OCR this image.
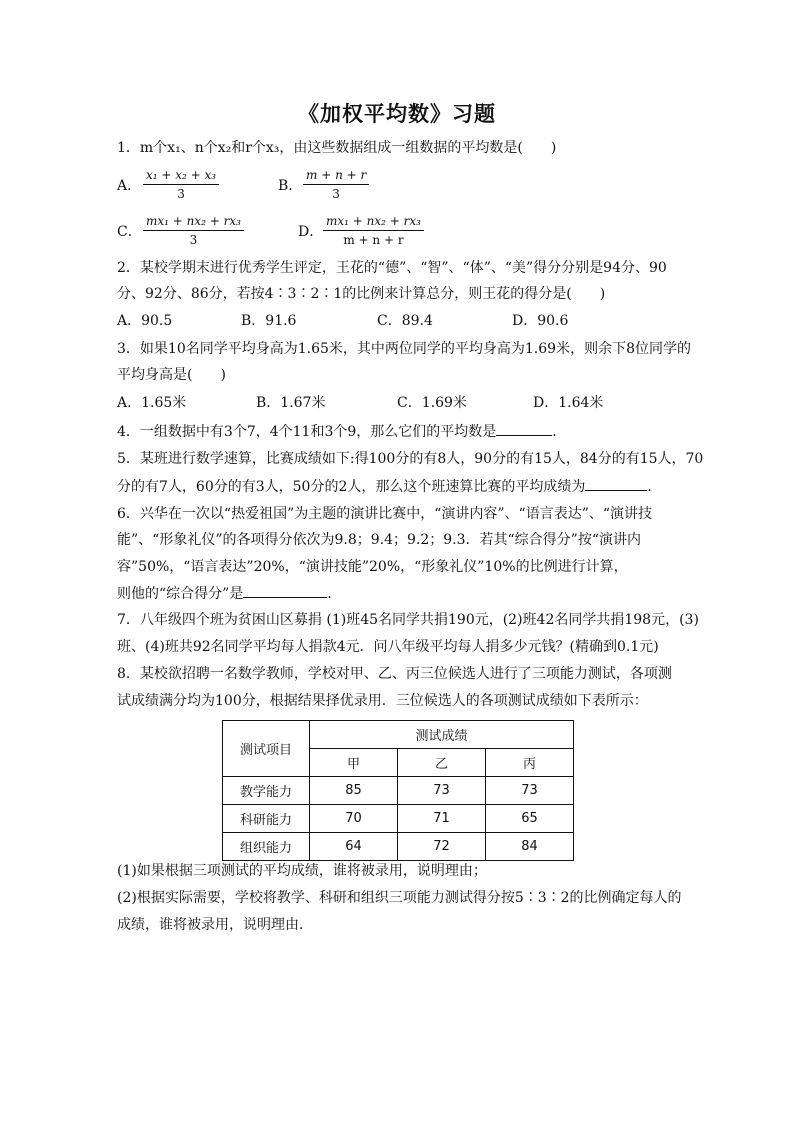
《加权平均数》习题
1．m个x₁、n个x₂和r个x₃，由这些数据组成一组数据的平均数是(　　)
A． $\frac{\text{x₁ + x₂ + x₃}}{3}$	B． $\frac{m + n + r}{3}$
C． $\frac{\text{mx₁ + nx₂ + rx₃}}{3}$	D． $\frac{\text{mx₁ + nx₂ + rx₃}}{m + n + r}$
2．某校学期末进行优秀学生评定，王花的“德”、“智”、“体”、“美”得分分别是94分、90
分、92分、86分，若按4∶3∶2∶1的比例来计算总分，则王花的得分是(　　)
A．90.5	B．91.6	C．89.4	D．90.6
3．如果10名同学平均身高为1.65米，其中两位同学的平均身高为1.69米，则余下8位同学的
平均身高是(　　)
A．1.65米	B．1.67米	C．1.69米	D．1.64米
4．一组数据中有3个7，4个11和3个9，那么它们的平均数是	．
5．某班进行数学速算，比赛成绩如下:得100分的有8人，90分的有15人，84分的有15人，70
分的有7人，60分的有3人，50分的2人，那么这个班速算比赛的平均成绩为	．
6．兴华在一次以“热爱祖国”为主题的演讲比赛中，“演讲内容”、“语言表达”、“演讲技
能”、“形象礼仪”的各项得分依次为9.8；9.4；9.2；9.3．若其“综合得分”按“演讲内
容”50%，“语言表达”20%，“演讲技能”20%，“形象礼仪”10%的比例进行计算，
则他的“综合得分”是	．
7．八年级四个班为贫困山区募捐 (1)班45名同学共捐190元，(2)班42名同学共捐198元，(3)
班、(4)班共92名同学平均每人捐款4元．问八年级平均每人捐多少元钱？(精确到0.1元)
8．某校欲招聘一名数学教师，学校对甲、乙、丙三位候选人进行了三项能力测试，各项测
试成绩满分均为100分，根据结果择优录用．三位候选人的各项测试成绩如下表所示：
测试项目	测试成绩		
	甲	乙	丙
教学能力	85	73	73
科研能力	70	71	65
组织能力	64	72	84
(1)如果根据三项测试的平均成绩，谁将被录用，说明理由；
(2)根据实际需要，学校将教学、科研和组织三项能力测试得分按5∶3∶2的比例确定每人的
成绩，谁将被录用，说明理由．
